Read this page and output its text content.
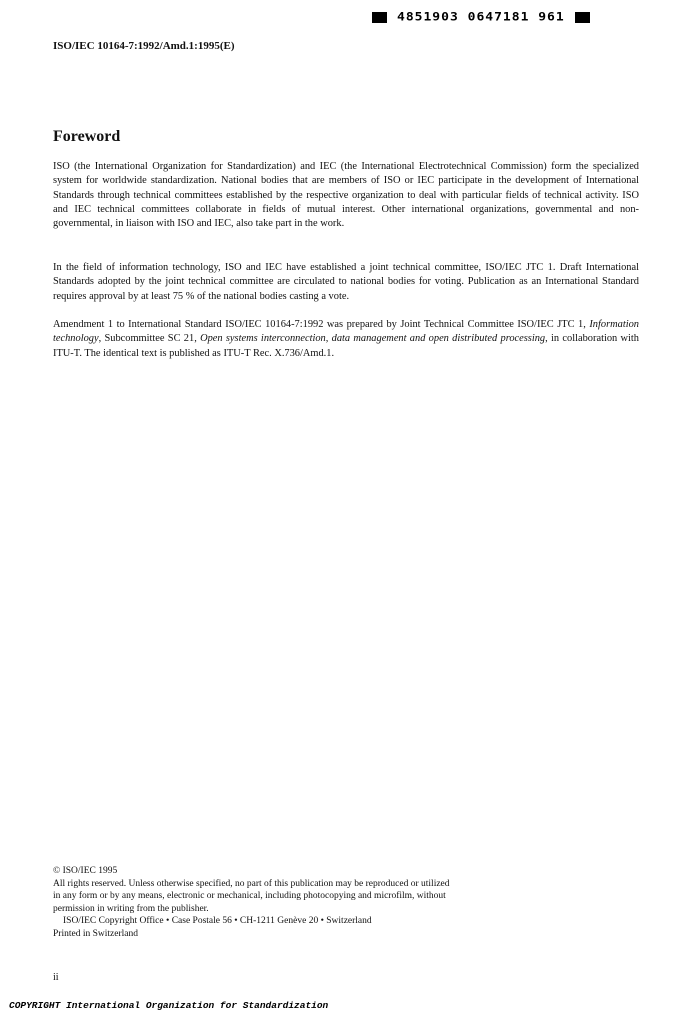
4851903 0647181 961
ISO/IEC 10164-7:1992/Amd.1:1995(E)
Foreword

ISO (the International Organization for Standardization) and IEC (the International Electrotechnical Commission) form the specialized system for worldwide standardization. National bodies that are members of ISO or IEC participate in the development of International Standards through technical committees established by the respective organization to deal with particular fields of technical activity. ISO and IEC technical committees collaborate in fields of mutual interest. Other international organizations, governmental and non-governmental, in liaison with ISO and IEC, also take part in the work.

In the field of information technology, ISO and IEC have established a joint technical committee, ISO/IEC JTC 1. Draft International Standards adopted by the joint technical committee are circulated to national bodies for voting. Publication as an International Standard requires approval by at least 75 % of the national bodies casting a vote.

Amendment 1 to International Standard ISO/IEC 10164-7:1992 was prepared by Joint Technical Committee ISO/IEC JTC 1, Information technology, Subcommittee SC 21, Open systems interconnection, data management and open distributed processing, in collaboration with ITU-T. The identical text is published as ITU-T Rec. X.736/Amd.1.

© ISO/IEC 1995

All rights reserved. Unless otherwise specified, no part of this publication may be reproduced or utilized in any form or by any means, electronic or mechanical, including photocopying and microfilm, without permission in writing from the publisher.

ISO/IEC Copyright Office • Case Postale 56 • CH-1211 Genève 20 • Switzerland

Printed in Switzerland

ii
COPYRIGHT International Organization for Standardization
